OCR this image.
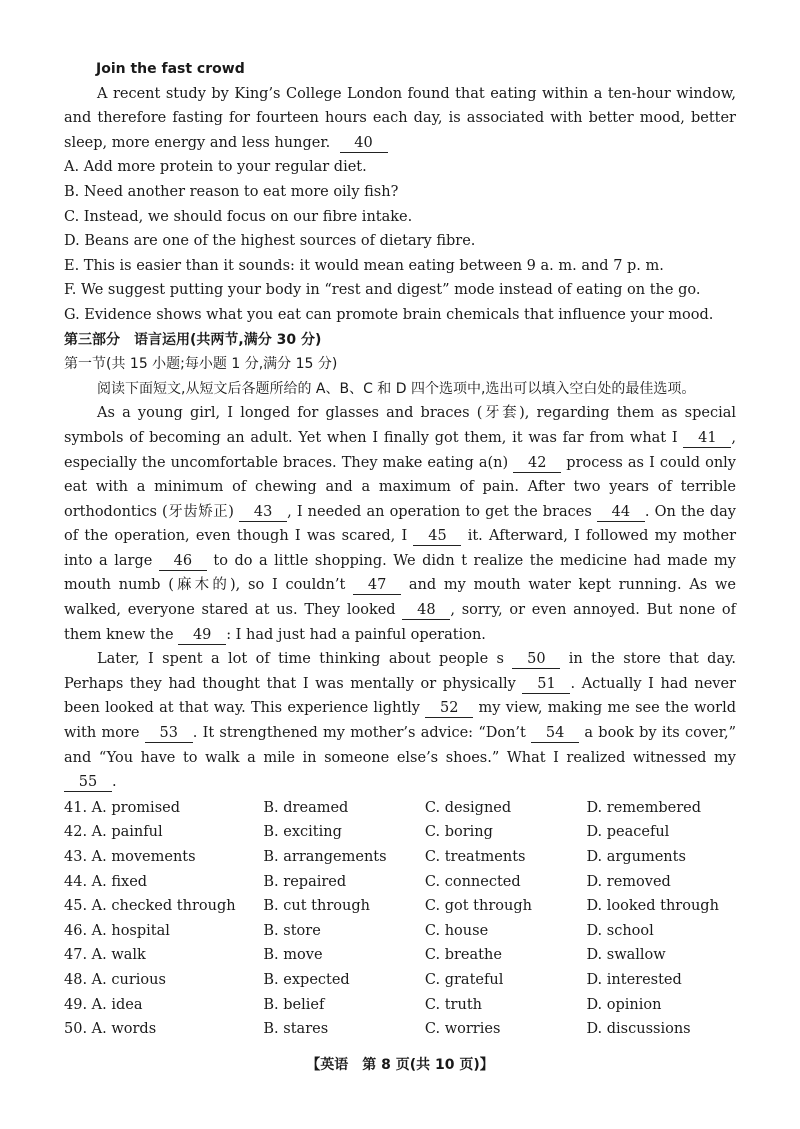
Join the fast crowd

A recent study by King’s College London found that eating within a ten-hour window, and therefore fasting for fourteen hours each day, is associated with better mood, better sleep, more energy and less hunger. 40

A. Add more protein to your regular diet.

B. Need another reason to eat more oily fish?

C. Instead, we should focus on our fibre intake.

D. Beans are one of the highest sources of dietary fibre.

E. This is easier than it sounds: it would mean eating between 9 a. m. and 7 p. m.

F. We suggest putting your body in “rest and digest” mode instead of eating on the go.

G. Evidence shows what you eat can promote brain chemicals that influence your mood.

第三部分　语言运用(共两节,满分 30 分)
第一节(共 15 小题;每小题 1 分,满分 15 分)

阅读下面短文,从短文后各题所给的 A、B、C 和 D 四个选项中,选出可以填入空白处的最佳选项。

As a young girl, I longed for glasses and braces (牙套), regarding them as special symbols of becoming an adult. Yet when I finally got them, it was far from what I 41 , especially the uncomfortable braces. They make eating a(n) 42 process as I could only eat with a minimum of chewing and a maximum of pain. After two years of terrible orthodontics (牙齿矫正) 43 , I needed an operation to get the braces 44 . On the day of the operation, even though I was scared, I 45 it. Afterward, I followed my mother into a large 46 to do a little shopping. We didn t realize the medicine had made my mouth numb (麻木的), so I couldn’t 47 and my mouth water kept running. As we walked, everyone stared at us. They looked 48 , sorry, or even annoyed. But none of them knew the 49 : I had just had a painful operation.

Later, I spent a lot of time thinking about people s 50 in the store that day. Perhaps they had thought that I was mentally or physically 51 . Actually I had never been looked at that way. This experience lightly 52 my view, making me see the world with more 53 . It strengthened my mother’s advice: “Don’t 54 a book by its cover,” and “You have to walk a mile in someone else’s shoes.” What I realized witnessed my 55 .

41. A. promised	B. dreamed	C. designed	D. remembered
42. A. painful	B. exciting	C. boring	D. peaceful
43. A. movements	B. arrangements	C. treatments	D. arguments
44. A. fixed	B. repaired	C. connected	D. removed
45. A. checked through	B. cut through	C. got through	D. looked through
46. A. hospital	B. store	C. house	D. school
47. A. walk	B. move	C. breathe	D. swallow
48. A. curious	B. expected	C. grateful	D. interested
49. A. idea	B. belief	C. truth	D. opinion
50. A. words	B. stares	C. worries	D. discussions
【英语　第 8 页(共 10 页)】
